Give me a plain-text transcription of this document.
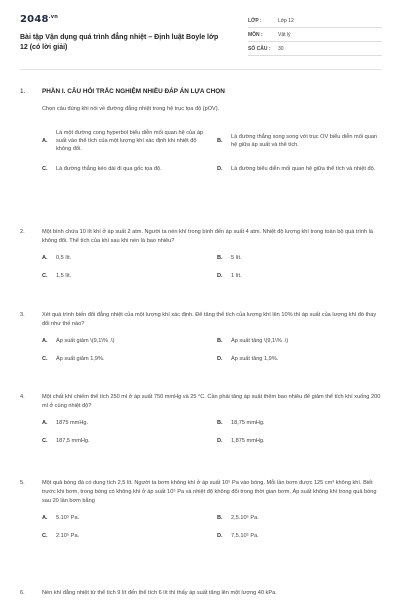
$2048^{.vn}$
Bài tập Vận dụng quá trình đẳng nhiệt – Định luật Boyle lớp 12 (có lời giải)
LỚP :	Lớp 12
MÔN :	Vật lý
SỐ CÂU :	30
1.	PHẦN I. CÂU HỎI TRẮC NGHIỆM NHIỀU ĐÁP ÁN LỰA CHỌN
Chọn câu đúng khi nói về đường đẳng nhiệt trong hệ trục tọa độ (pOV).
A.
Là một đường cong hyperbol biểu diễn mối quan hệ của áp suất vào thể tích của một lượng khí xác định khi nhiệt độ không đổi.
B.
Là đường thẳng song song với trục OV biểu diễn mối quan hệ giữa áp suất và thể tích.
C.	Là đường thẳng kéo dài đi qua gốc tọa độ.	D.	Là đường biểu diễn mối quan hệ giữa thể tích và nhiệt độ.
2.	Một bình chứa 10 lít khí ở áp suất 2 atm. Người ta nén khí trong bình đến áp suất 4 atm. Nhiệt độ lượng khí trong toàn bộ quá trình là không đổi. Thể tích của khí sau khi nén là bao nhiêu?
A.	0,5 lít.	B.	5 lít.
C.	1,5 lít.	D.	1 lít.
3.	Xét quá trình biến đổi đẳng nhiệt của một lượng khí xác định. Để tăng thể tích của lượng khí lên 10% thì áp suất của lượng khí đó thay đổi như thế nào?
A.	Áp suất giảm \(9,1\% .\)	B.	Áp suất tăng \(9,1\% .\)
C.	Áp suất giảm 1,9%.	D.	Áp suất tăng 1,9%.
4.	Một chất khí chiếm thể tích 250 ml ở áp suất 750 mmHg và 25 °C. Cần phải tăng áp suất thêm bao nhiêu để giảm thể tích khí xuống 200 ml ở cùng nhiệt độ?
A.	1875 mmHg.	B.	18,75 mmHg.
C.	187,5 mmHg.	D.	1,875 mmHg.
5.	Một quả bóng đá có dung tích 2,5 lít. Người ta bơm không khí ở áp suất 10⁵ Pa vào bóng. Mỗi lần bơm được 125 cm³ không khí. Biết trước khi bơm, trong bóng có không khí ở áp suất 10⁵ Pa và nhiệt độ không đổi trong thời gian bơm. Áp suất không khí trong quả bóng sau 20 lần bơm bằng
A.	5.10⁵ Pa.	B.	2,5.10⁵ Pa.
C.	2.10⁵ Pa.	D.	7,5.10⁵ Pa.
6.	Nén khí đẳng nhiệt từ thể tích 9 lít đến thể tích 6 lít thì thấy áp suất tăng lên một lượng 40 kPa.
